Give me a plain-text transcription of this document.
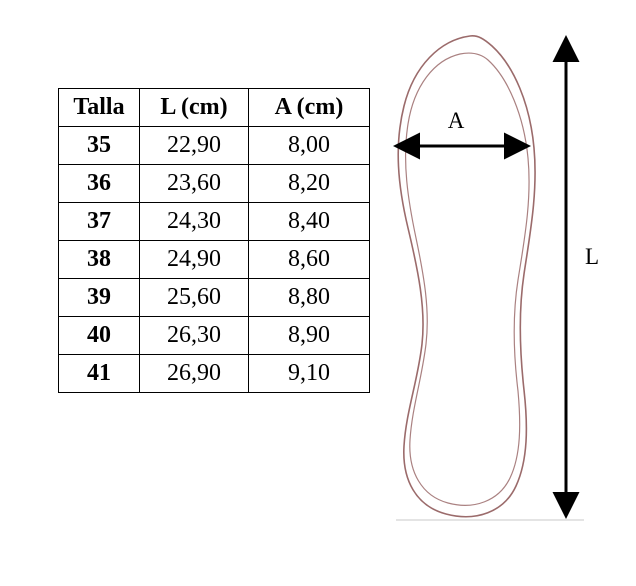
Talla	L (cm)	A (cm)
35	22,90	8,00
36	23,60	8,20
37	24,30	8,40
38	24,90	8,60
39	25,60	8,80
40	26,30	8,90
41	26,90	9,10
A
L
